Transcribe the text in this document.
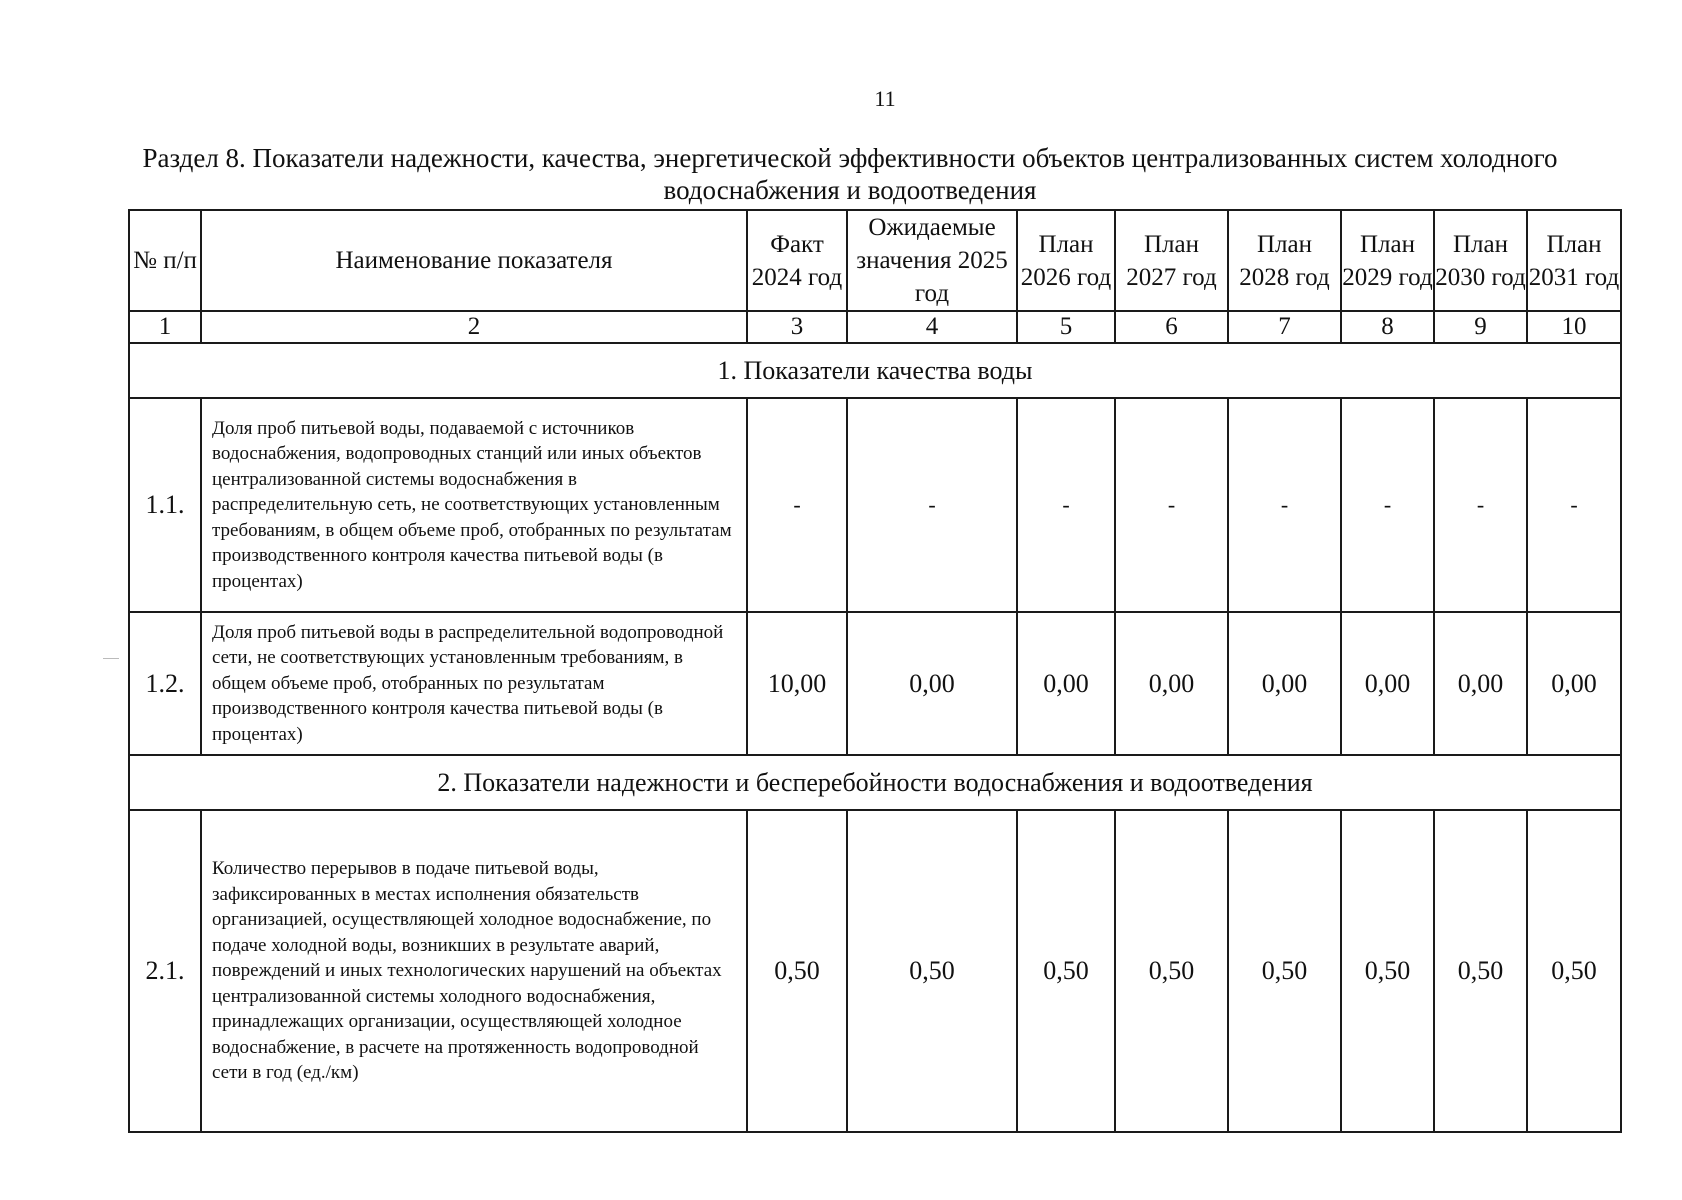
11
Раздел 8. Показатели надежности, качества, энергетической эффективности объектов централизованных систем холодного водоснабжения и водоотведения
№ п/п	Наименование показателя	Факт 2024 год	Ожидаемые значения 2025 год	План 2026 год	План 2027 год	План 2028 год	План 2029 год	План 2030 год	План 2031 год
1	2	3	4	5	6	7	8	9	10
1. Показатели качества воды									
1.1.	Доля проб питьевой воды, подаваемой с источников водоснабжения, водопроводных станций или иных объектов централизованной системы водоснабжения в распределительную сеть, не соответствующих установленным требованиям, в общем объеме проб, отобранных по результатам производственного контроля качества питьевой воды (в процентах)	-	-	-	-	-	-	-	-
1.2.	Доля проб питьевой воды в распределительной водопроводной сети, не соответствующих установленным требованиям, в общем объеме проб, отобранных по результатам производственного контроля качества питьевой воды (в процентах)	10,00	0,00	0,00	0,00	0,00	0,00	0,00	0,00
2. Показатели надежности и бесперебойности водоснабжения и водоотведения									
2.1.	Количество перерывов в подаче питьевой воды, зафиксированных в местах исполнения обязательств организацией, осуществляющей холодное водоснабжение, по подаче холодной воды, возникших в результате аварий, повреждений и иных технологических нарушений на объектах централизованной системы холодного водоснабжения, принадлежащих организации, осуществляющей холодное водоснабжение, в расчете на протяженность водопроводной сети в год (ед./км)	0,50	0,50	0,50	0,50	0,50	0,50	0,50	0,50
